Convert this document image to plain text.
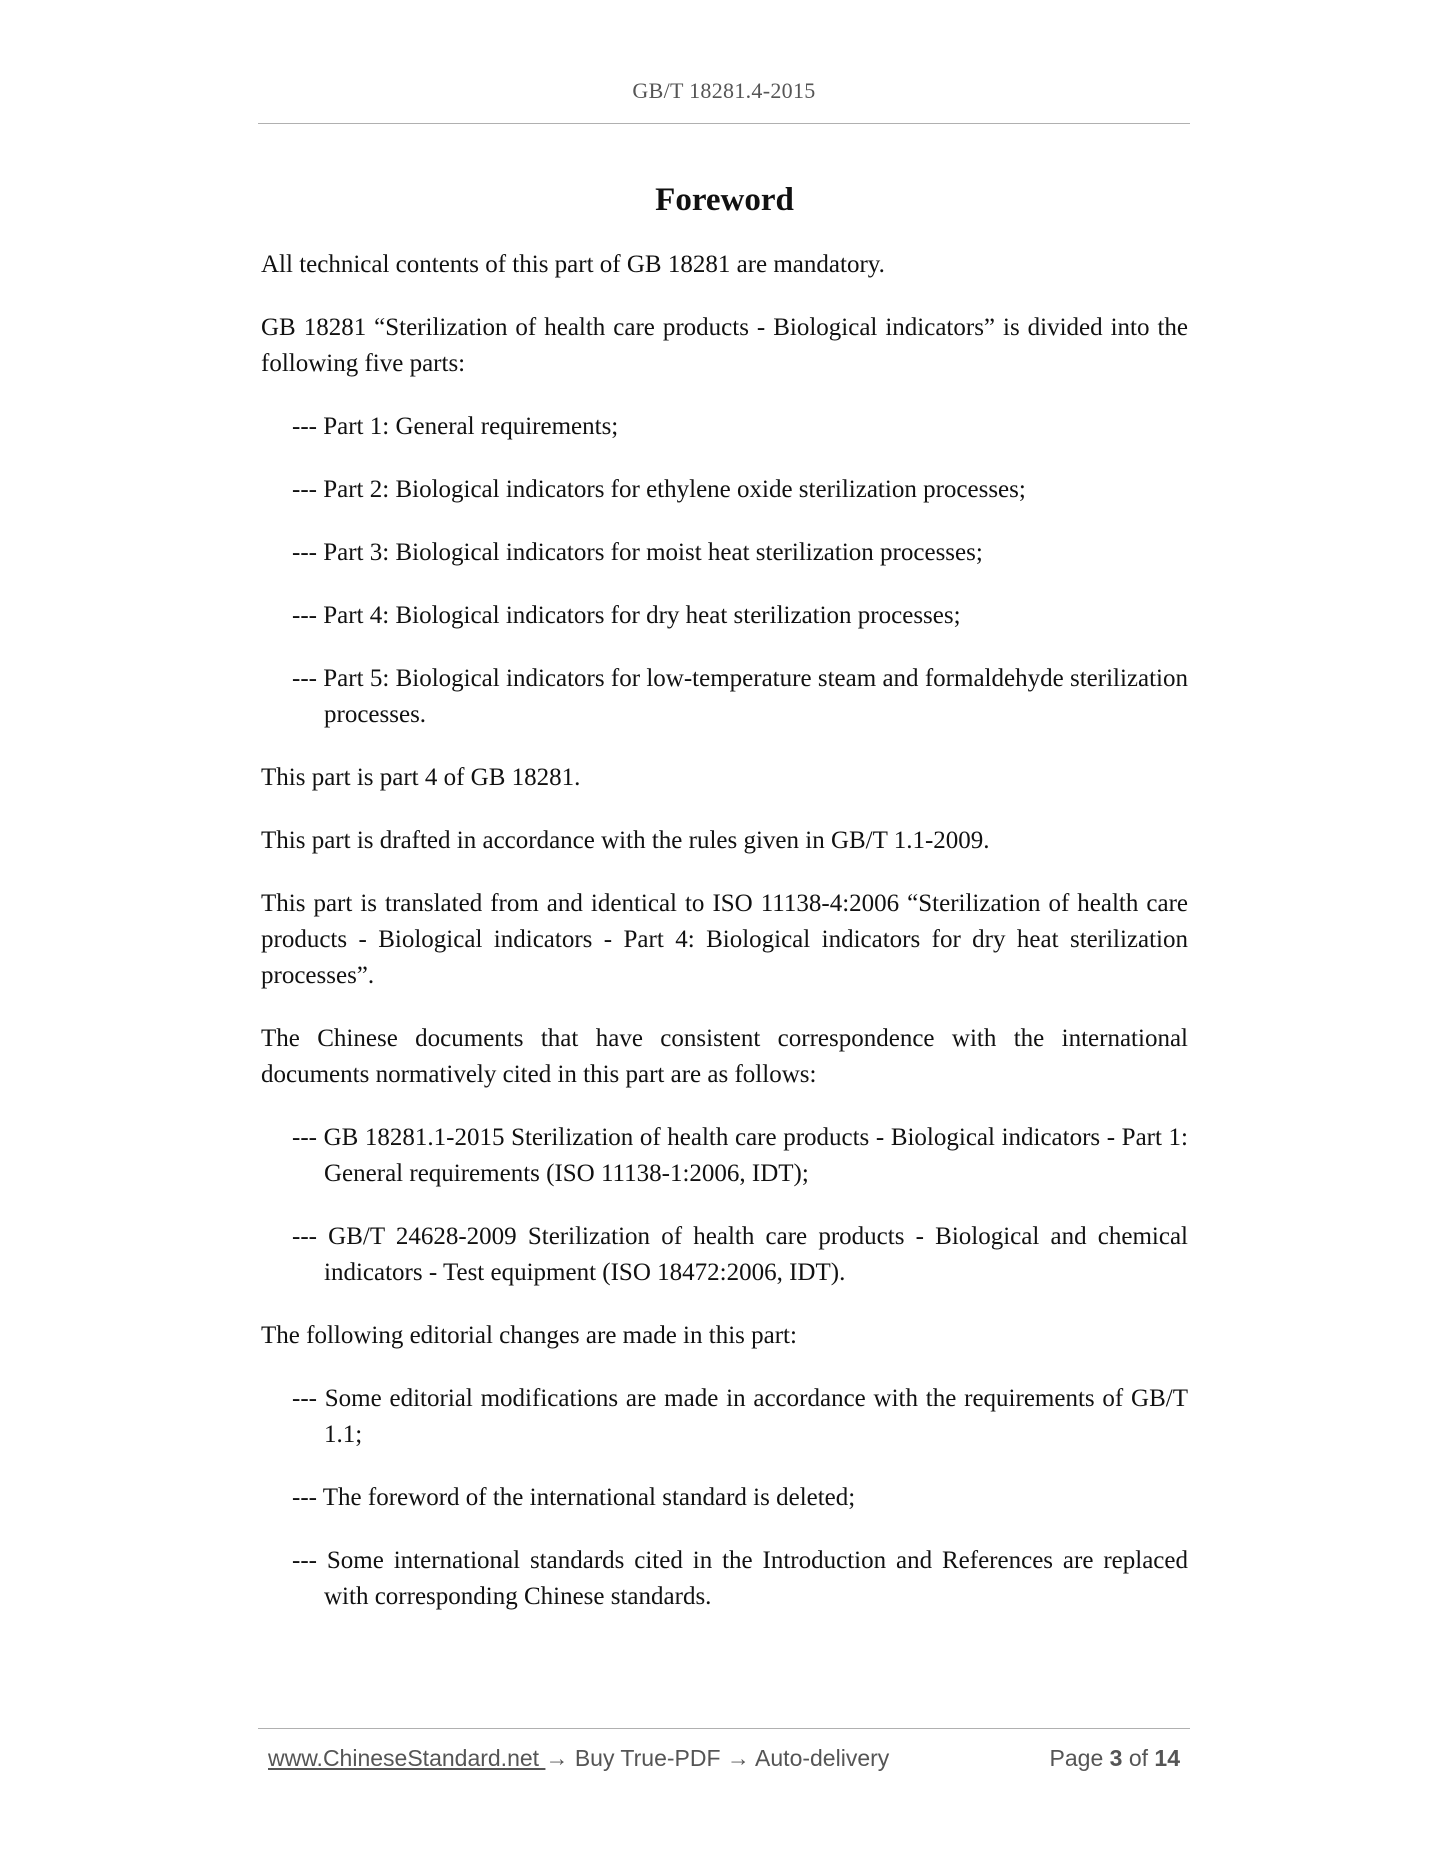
GB/T 18281.4-2015
Foreword

All technical contents of this part of GB 18281 are mandatory.

GB 18281 “Sterilization of health care products - Biological indicators” is divided into the following five parts:

--- Part 1: General requirements;

--- Part 2: Biological indicators for ethylene oxide sterilization processes;

--- Part 3: Biological indicators for moist heat sterilization processes;

--- Part 4: Biological indicators for dry heat sterilization processes;

--- Part 5: Biological indicators for low-temperature steam and formaldehyde sterilization processes.

This part is part 4 of GB 18281.

This part is drafted in accordance with the rules given in GB/T 1.1-2009.

This part is translated from and identical to ISO 11138-4:2006 “Sterilization of health care products - Biological indicators - Part 4: Biological indicators for dry heat sterilization processes”.

The Chinese documents that have consistent correspondence with the international documents normatively cited in this part are as follows:

--- GB 18281.1-2015 Sterilization of health care products - Biological indicators - Part 1: General requirements (ISO 11138-1:2006, IDT);

--- GB/T 24628-2009 Sterilization of health care products - Biological and chemical indicators - Test equipment (ISO 18472:2006, IDT).

The following editorial changes are made in this part:

--- Some editorial modifications are made in accordance with the requirements of GB/T 1.1;

--- The foreword of the international standard is deleted;

--- Some international standards cited in the Introduction and References are replaced with corresponding Chinese standards.

www.ChineseStandard.net → Buy True-PDF → Auto-delivery	Page 3 of 14
